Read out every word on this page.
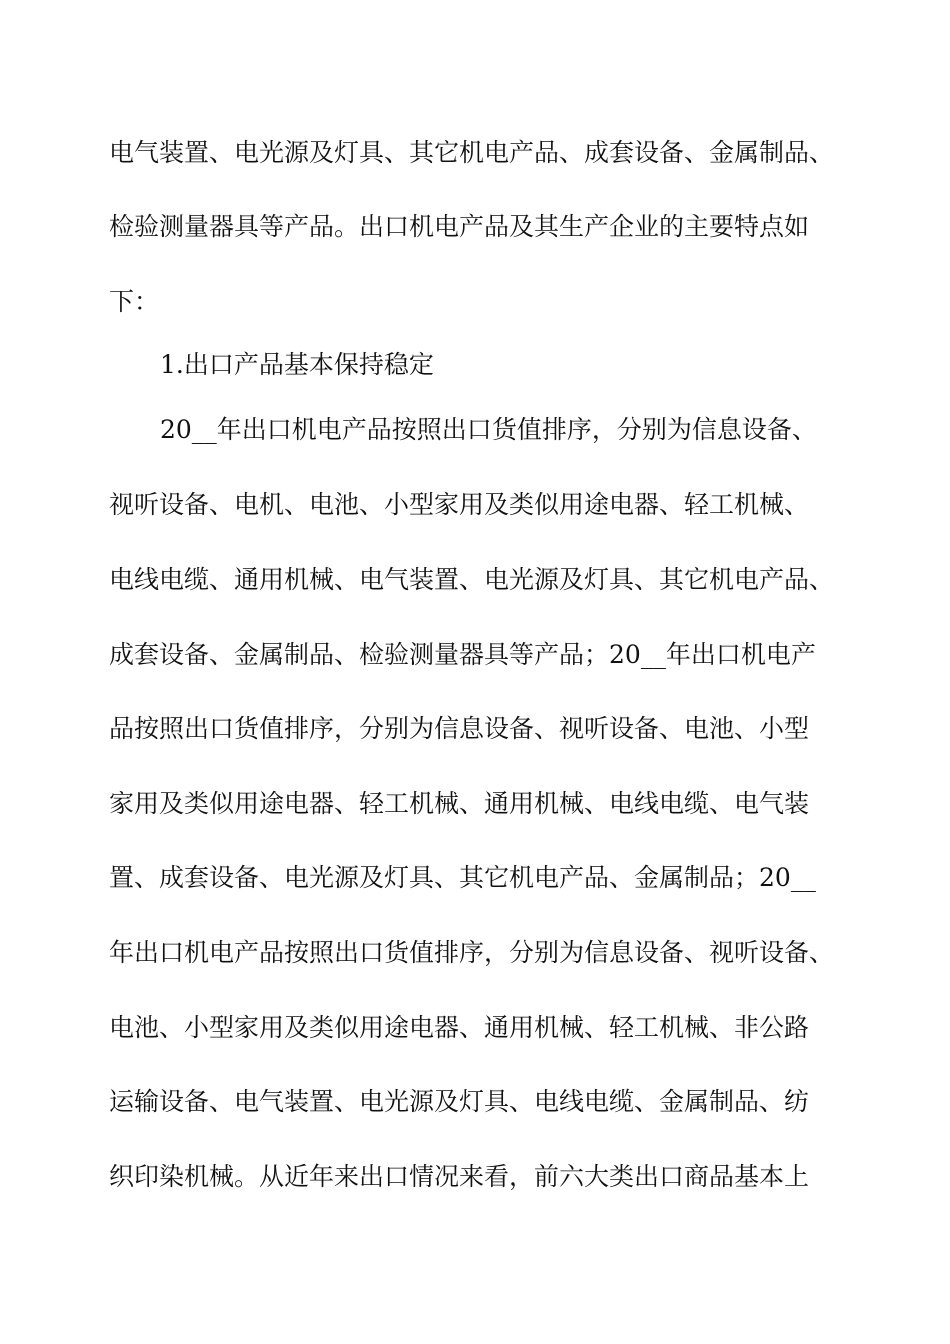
电气装置、电光源及灯具、其它机电产品、成套设备、金属制品、
检验测量器具等产品。出口机电产品及其生产企业的主要特点如
下：
1.出口产品基本保持稳定
20__年出口机电产品按照出口货值排序，分别为信息设备、
视听设备、电机、电池、小型家用及类似用途电器、轻工机械、
电线电缆、通用机械、电气装置、电光源及灯具、其它机电产品、
成套设备、金属制品、检验测量器具等产品；20__年出口机电产
品按照出口货值排序，分别为信息设备、视听设备、电池、小型
家用及类似用途电器、轻工机械、通用机械、电线电缆、电气装
置、成套设备、电光源及灯具、其它机电产品、金属制品；20__
年出口机电产品按照出口货值排序，分别为信息设备、视听设备、
电池、小型家用及类似用途电器、通用机械、轻工机械、非公路
运输设备、电气装置、电光源及灯具、电线电缆、金属制品、纺
织印染机械。从近年来出口情况来看，前六大类出口商品基本上
